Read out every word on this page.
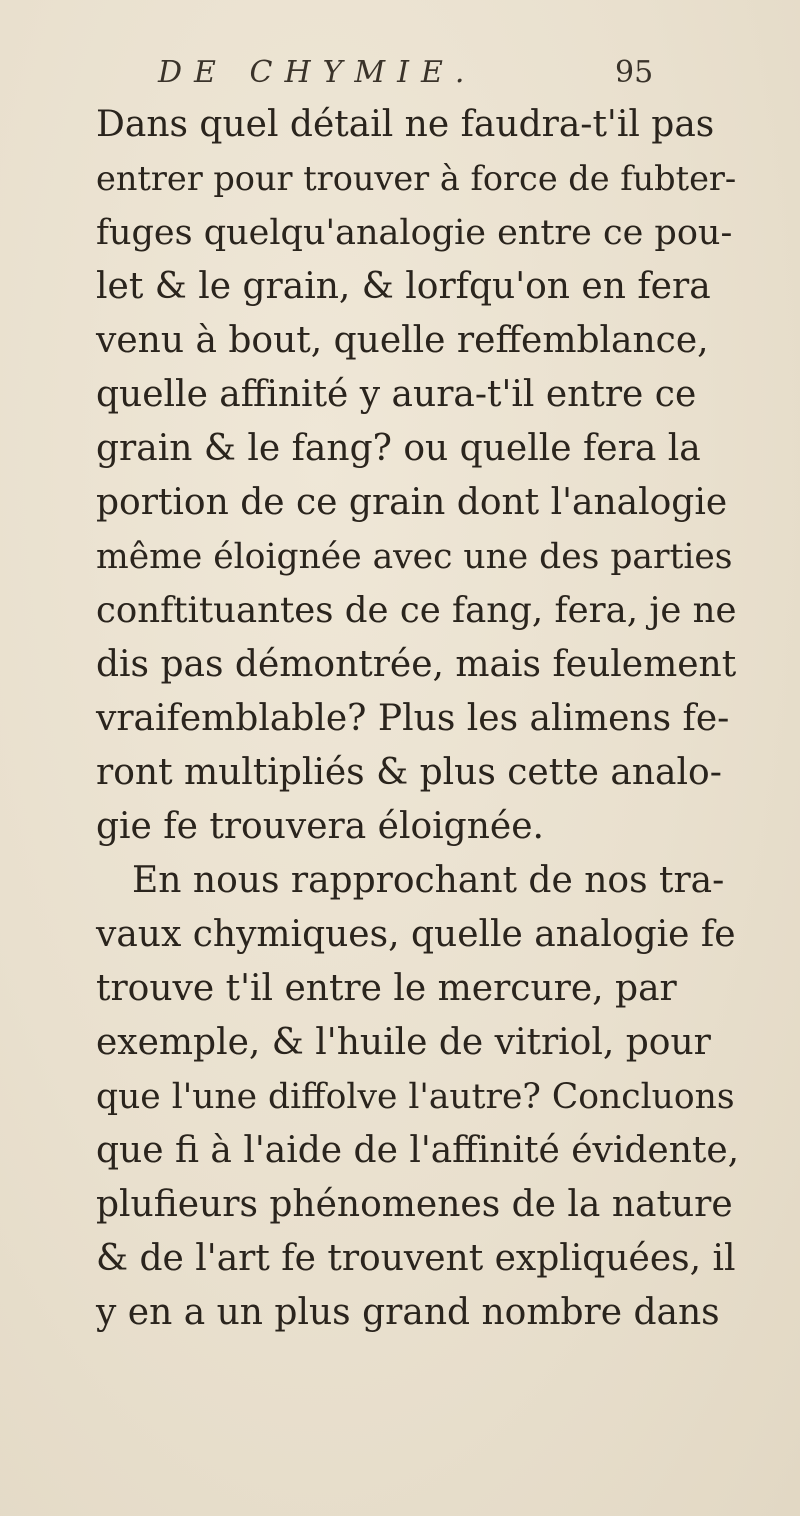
DE CHYMIE.	95
Dans quel détail ne faudra-t'il pas
entrer pour trouver à force de fubter-
fuges quelqu'analogie entre ce pou-
let & le grain, & lorfqu'on en fera
venu à bout, quelle reffemblance,
quelle affinité y aura-t'il entre ce
grain & le fang? ou quelle fera la
portion de ce grain dont l'analogie
même éloignée avec une des parties
conftituantes de ce fang, fera, je ne
dis pas démontrée, mais feulement
vraifemblable? Plus les alimens fe-
ront multipliés & plus cette analo-
gie fe trouvera éloignée.
En nous rapprochant de nos tra-
vaux chymiques, quelle analogie fe
trouve t'il entre le mercure, par
exemple, & l'huile de vitriol, pour
que l'une diffolve l'autre? Concluons
que fi à l'aide de l'affinité évidente,
plufieurs phénomenes de la nature
& de l'art fe trouvent expliquées, il
y en a un plus grand nombre dans
